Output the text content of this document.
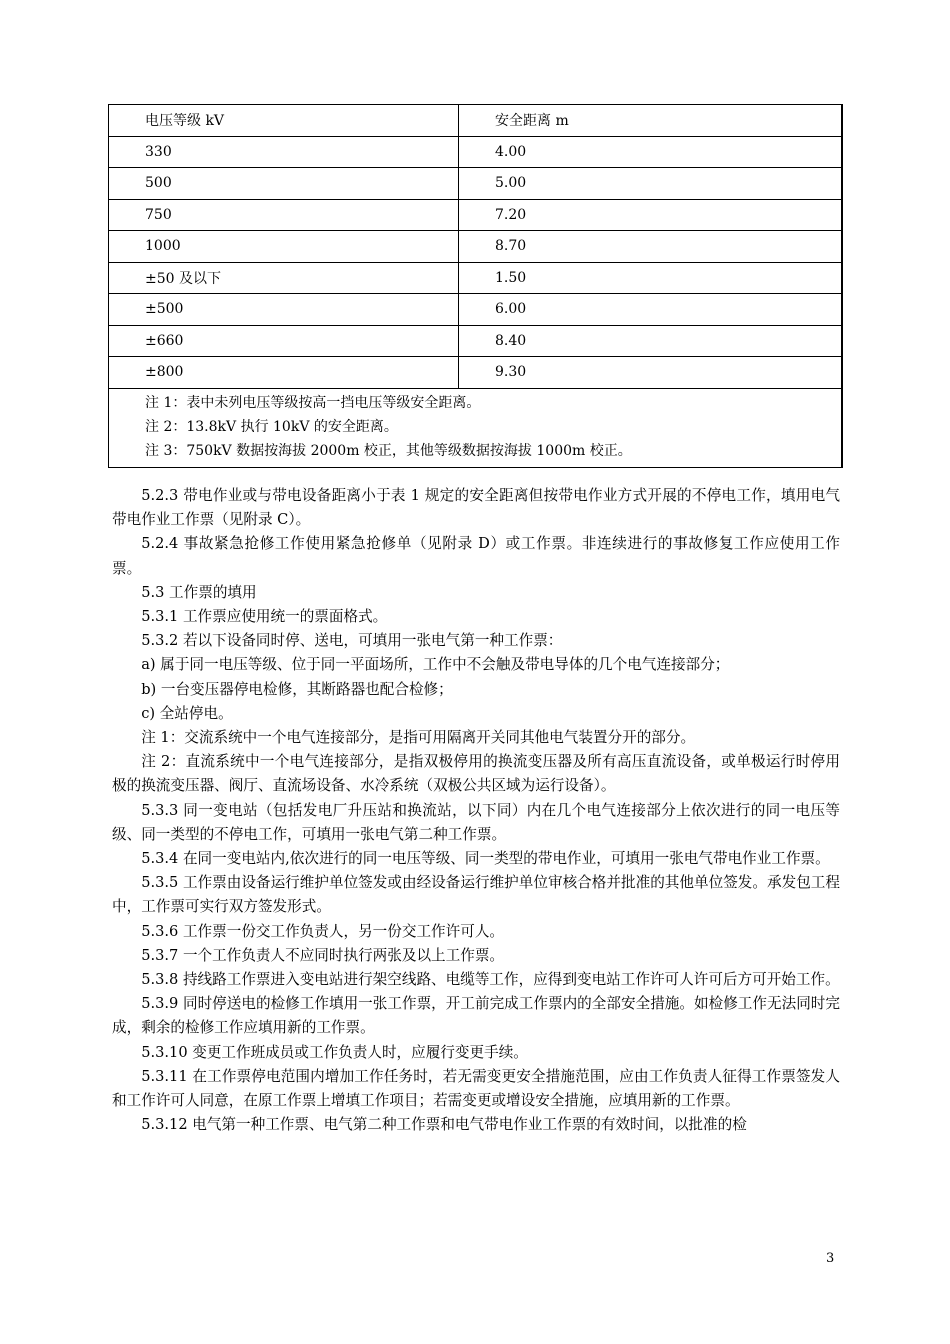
电压等级 kV	安全距离 m
330	4.00
500	5.00
750	7.20
1000	8.70
±50 及以下	1.50
±500	6.00
±660	8.40
±800	9.30

注 1：表中未列电压等级按高一挡电压等级安全距离。
注 2：13.8kV 执行 10kV 的安全距离。
注 3：750kV 数据按海拔 2000m 校正，其他等级数据按海拔 1000m 校正。	

5.2.3 带电作业或与带电设备距离小于表 1 规定的安全距离但按带电作业方式开展的不停电工作，填用电气带电作业工作票（见附录 C）。

5.2.4 事故紧急抢修工作使用紧急抢修单（见附录 D）或工作票。非连续进行的事故修复工作应使用工作票。

5.3 工作票的填用

5.3.1 工作票应使用统一的票面格式。

5.3.2 若以下设备同时停、送电，可填用一张电气第一种工作票：

a) 属于同一电压等级、位于同一平面场所，工作中不会触及带电导体的几个电气连接部分；

b) 一台变压器停电检修，其断路器也配合检修；

c) 全站停电。

注 1：交流系统中一个电气连接部分，是指可用隔离开关同其他电气装置分开的部分。

注 2：直流系统中一个电气连接部分，是指双极停用的换流变压器及所有高压直流设备，或单极运行时停用极的换流变压器、阀厅、直流场设备、水冷系统（双极公共区域为运行设备）。

5.3.3 同一变电站（包括发电厂升压站和换流站，以下同）内在几个电气连接部分上依次进行的同一电压等级、同一类型的不停电工作，可填用一张电气第二种工作票。

5.3.4 在同一变电站内,依次进行的同一电压等级、同一类型的带电作业，可填用一张电气带电作业工作票。

5.3.5 工作票由设备运行维护单位签发或由经设备运行维护单位审核合格并批准的其他单位签发。承发包工程中，工作票可实行双方签发形式。

5.3.6 工作票一份交工作负责人，另一份交工作许可人。

5.3.7 一个工作负责人不应同时执行两张及以上工作票。

5.3.8 持线路工作票进入变电站进行架空线路、电缆等工作，应得到变电站工作许可人许可后方可开始工作。

5.3.9 同时停送电的检修工作填用一张工作票，开工前完成工作票内的全部安全措施。如检修工作无法同时完成，剩余的检修工作应填用新的工作票。

5.3.10 变更工作班成员或工作负责人时，应履行变更手续。

5.3.11 在工作票停电范围内增加工作任务时，若无需变更安全措施范围，应由工作负责人征得工作票签发人和工作许可人同意，在原工作票上增填工作项目；若需变更或增设安全措施，应填用新的工作票。

5.3.12 电气第一种工作票、电气第二种工作票和电气带电作业工作票的有效时间，以批准的检

3
